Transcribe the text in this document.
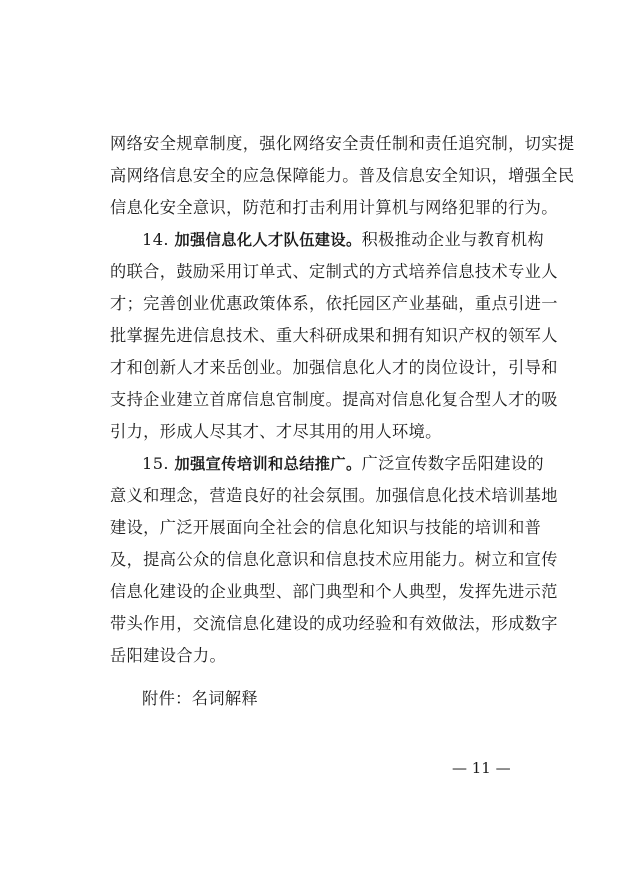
网络安全规章制度，强化网络安全责任制和责任追究制，切实提
高网络信息安全的应急保障能力。普及信息安全知识，增强全民
信息化安全意识，防范和打击利用计算机与网络犯罪的行为。
14. 加强信息化人才队伍建设。积极推动企业与教育机构
的联合，鼓励采用订单式、定制式的方式培养信息技术专业人
才；完善创业优惠政策体系，依托园区产业基础，重点引进一
批掌握先进信息技术、重大科研成果和拥有知识产权的领军人
才和创新人才来岳创业。加强信息化人才的岗位设计，引导和
支持企业建立首席信息官制度。提高对信息化复合型人才的吸
引力，形成人尽其才、才尽其用的用人环境。
15. 加强宣传培训和总结推广。广泛宣传数字岳阳建设的
意义和理念，营造良好的社会氛围。加强信息化技术培训基地
建设，广泛开展面向全社会的信息化知识与技能的培训和普
及，提高公众的信息化意识和信息技术应用能力。树立和宣传
信息化建设的企业典型、部门典型和个人典型，发挥先进示范
带头作用，交流信息化建设的成功经验和有效做法，形成数字
岳阳建设合力。
附件：名词解释
— 11 —
